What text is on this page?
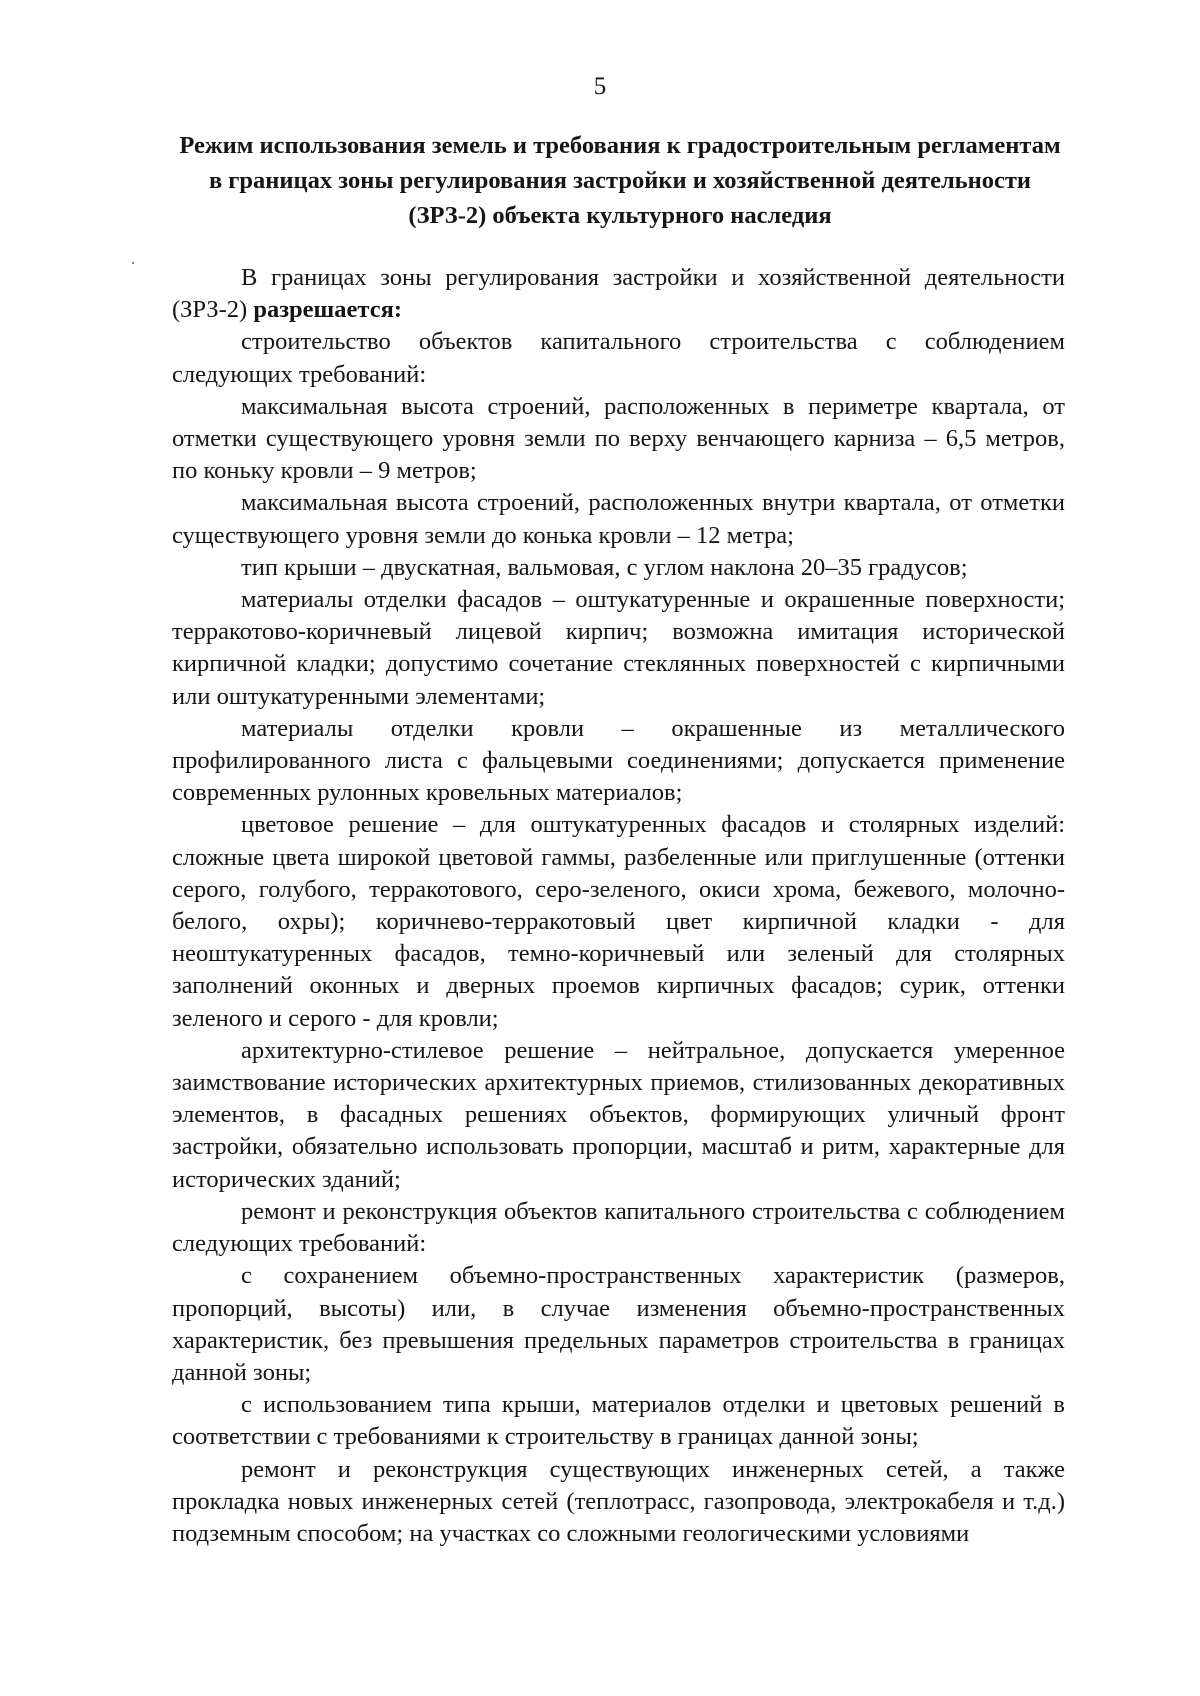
5
Режим использования земель и требования к градостроительным регламентам в границах зоны регулирования застройки и хозяйственной деятельности (ЗРЗ-2) объекта культурного наследия

В границах зоны регулирования застройки и хозяйственной деятельности (ЗРЗ-2) разрешается:

строительство объектов капитального строительства с соблюдением следующих требований:

максимальная высота строений, расположенных в периметре квартала, от отметки существующего уровня земли по верху венчающего карниза – 6,5 метров, по коньку кровли – 9 метров;

максимальная высота строений, расположенных внутри квартала, от отметки существующего уровня земли до конька кровли – 12 метра;

тип крыши – двускатная, вальмовая, с углом наклона 20–35 градусов;

материалы отделки фасадов – оштукатуренные и окрашенные поверхности; терракотово-коричневый лицевой кирпич; возможна имитация исторической кирпичной кладки; допустимо сочетание стеклянных поверхностей с кирпичными или оштукатуренными элементами;

материалы отделки кровли – окрашенные из металлического профилированного листа с фальцевыми соединениями; допускается применение современных рулонных кровельных материалов;

цветовое решение – для оштукатуренных фасадов и столярных изделий: сложные цвета широкой цветовой гаммы, разбеленные или приглушенные (оттенки серого, голубого, терракотового, серо-зеленого, окиси хрома, бежевого, молочно-белого, охры); коричнево-терракотовый цвет кирпичной кладки - для неоштукатуренных фасадов, темно-коричневый или зеленый для столярных заполнений оконных и дверных проемов кирпичных фасадов; сурик, оттенки зеленого и серого - для кровли;

архитектурно-стилевое решение – нейтральное, допускается умеренное заимствование исторических архитектурных приемов, стилизованных декоративных элементов, в фасадных решениях объектов, формирующих уличный фронт застройки, обязательно использовать пропорции, масштаб и ритм, характерные для исторических зданий;

ремонт и реконструкция объектов капитального строительства с соблюдением следующих требований:

с сохранением объемно-пространственных характеристик (размеров, пропорций, высоты) или, в случае изменения объемно-пространственных характеристик, без превышения предельных параметров строительства в границах данной зоны;

с использованием типа крыши, материалов отделки и цветовых решений в соответствии с требованиями к строительству в границах данной зоны;

ремонт и реконструкция существующих инженерных сетей, а также прокладка новых инженерных сетей (теплотрасс, газопровода, электрокабеля и т.д.) подземным способом; на участках со сложными геологическими условиями
